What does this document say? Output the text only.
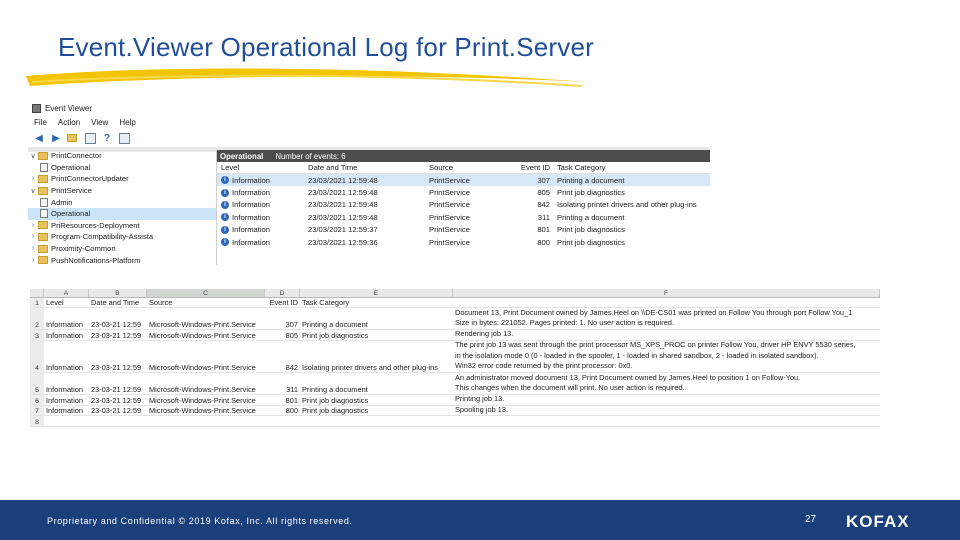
Event.Viewer Operational Log for Print.Server
Event Viewer
File Action View Help
◀ ▶	?
∨	PrintConnector
Operational
›	PrintConnectorUpdater
∨	PrintService
Admin
Operational
›	PriResources-Deployment
›	Program-Compatibility-Assista
›	Proximity-Common
›	PushNotifications-Platform
Operational Number of events: 6
Level	Date and Time	Source	Event ID Task Category
i Information	23/03/2021 12:59:48	PrintService	307 Printing a document
i Information	23/03/2021 12:59:48	PrintService	805 Print job diagnostics
i Information	23/03/2021 12:59:48	PrintService	842 Isolating printer drivers and other plug-ins
i Information	23/03/2021 12:59:48	PrintService	311 Printing a document
i Information	23/03/2021 12:59:37	PrintService	801 Print job diagnostics
i Information	23/03/2021 12:59:36	PrintService	800 Print job diagnostics
A	B	C	D	E	F
1 Level	Date and Time	Source	Event ID Task Category
2 Information	23-03-21 12:59	Microsoft-Windows-Print.Service	307 Printing a document
Document 13, Print Document owned by James.Heel on \\DE-CS01 was printed on Follow You through port Follow You_1
Size in bytes: 221052. Pages printed: 1. No user action is required.
3 Information	23-03-21 12:59	Microsoft-Windows-Print.Service	805 Print job diagnostics	Rendering job 13.
4 Information	23-03-21 12:59	Microsoft-Windows-Print.Service	842 Isolating printer drivers and other plug-ins
The print job 13 was sent through the print processor MS_XPS_PROC on printer Follow You, driver HP ENVY 5530 series,
in the isolation mode 0 (0 - loaded in the spooler, 1 - loaded in shared sandbox, 2 - loaded in isolated sandbox).
Win32 error code returned by the print processor: 0x0.
5 Information	23-03-21 12:59	Microsoft-Windows-Print.Service	311 Printing a document
An administrator moved document 13, Print Document owned by James.Heel to position 1 on Follow-You.
This changes when the document will print. No user action is required.
6 Information	23-03-21 12:59	Microsoft-Windows-Print.Service	801 Print job diagnostics	Printing job 13.
7 Information	23-03-21 12:59	Microsoft-Windows-Print.Service	800 Print job diagnostics	Spooling job 13.
8
Proprietary and Confidential © 2019 Kofax, Inc. All rights reserved.	27 KOFAX
